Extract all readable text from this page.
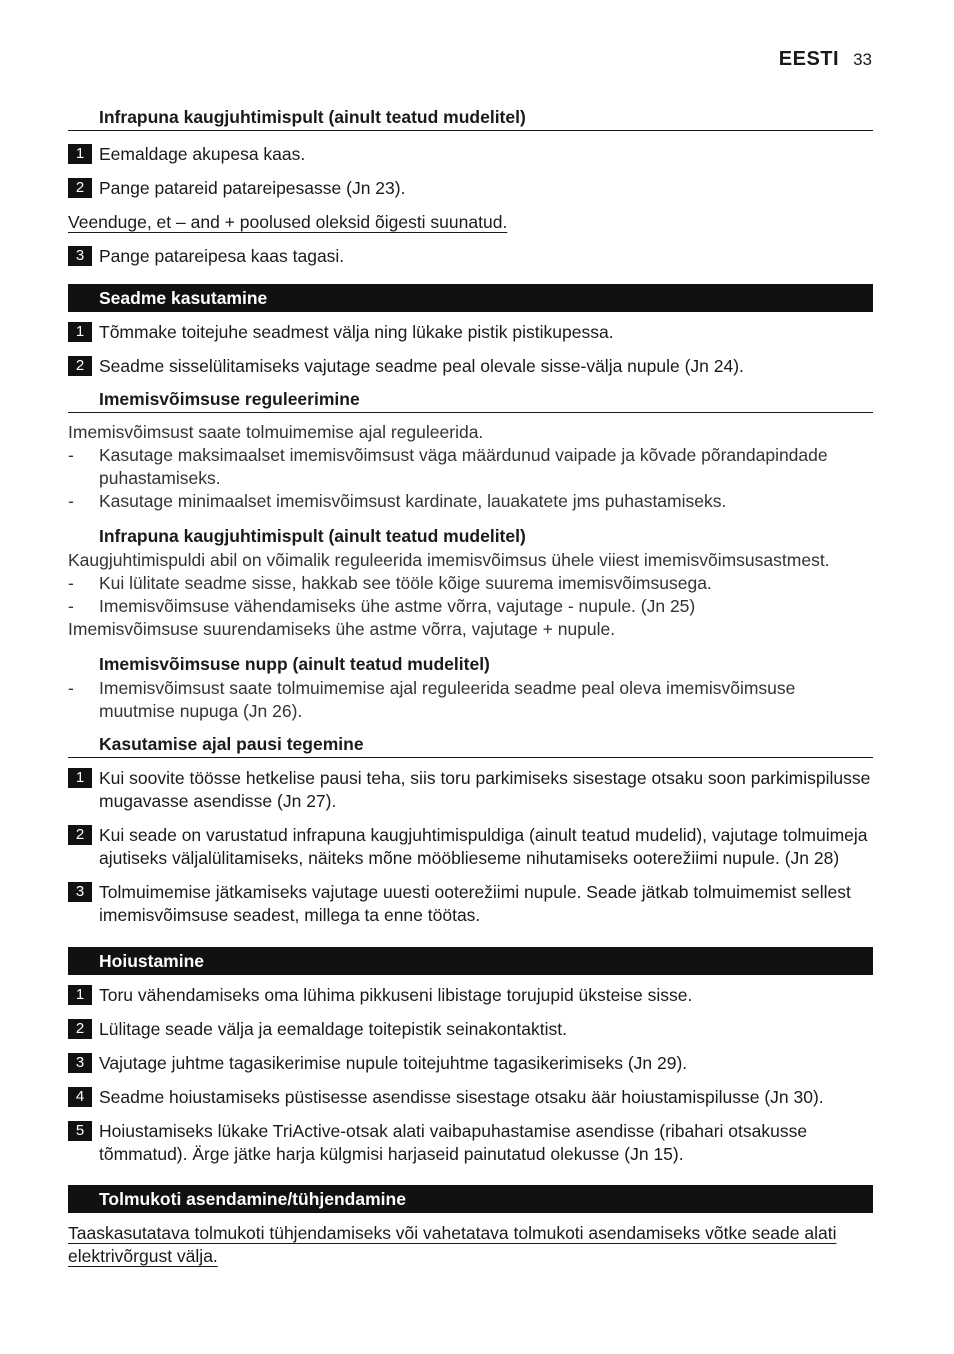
EESTI 33
Infrapuna kaugjuhtimispult (ainult teatud mudelitel)
1 Eemaldage akupesa kaas.
2 Pange patareid patareipesasse (Jn 23).
Veenduge, et – and + poolused oleksid õigesti suunatud.
3 Pange patareipesa kaas tagasi.
Seadme kasutamine
1 Tõmmake toitejuhe seadmest välja ning lükake pistik pistikupessa.
2 Seadme sisselülitamiseks vajutage seadme peal olevale sisse-välja nupule (Jn 24).
Imemisvõimsuse reguleerimine
Imemisvõimsust saate tolmuimemise ajal reguleerida.
-	Kasutage maksimaalset imemisvõimsust väga määrdunud vaipade ja kõvade põrandapindade puhastamiseks.
-	Kasutage minimaalset imemisvõimsust kardinate, lauakatete jms puhastamiseks.
Infrapuna kaugjuhtimispult (ainult teatud mudelitel)
Kaugjuhtimispuldi abil on võimalik reguleerida imemisvõimsus ühele viiest imemisvõimsusastmest.
-	Kui lülitate seadme sisse, hakkab see tööle kõige suurema imemisvõimsusega.
-	Imemisvõimsuse vähendamiseks ühe astme võrra, vajutage - nupule. (Jn 25)
Imemisvõimsuse suurendamiseks ühe astme võrra, vajutage + nupule.
Imemisvõimsuse nupp (ainult teatud mudelitel)
-	Imemisvõimsust saate tolmuimemise ajal reguleerida seadme peal oleva imemisvõimsuse muutmise nupuga (Jn 26).
Kasutamise ajal pausi tegemine
1 Kui soovite töösse hetkelise pausi teha, siis toru parkimiseks sisestage otsaku soon parkimispilusse mugavasse asendisse (Jn 27).
2 Kui seade on varustatud infrapuna kaugjuhtimispuldiga (ainult teatud mudelid), vajutage tolmuimeja ajutiseks väljalülitamiseks, näiteks mõne mööblieseme nihutamiseks ooterežiimi nupule. (Jn 28)
3 Tolmuimemise jätkamiseks vajutage uuesti ooterežiimi nupule. Seade jätkab tolmuimemist sellest imemisvõimsuse seadest, millega ta enne töötas.
Hoiustamine
1 Toru vähendamiseks oma lühima pikkuseni libistage torujupid üksteise sisse.
2 Lülitage seade välja ja eemaldage toitepistik seinakontaktist.
3 Vajutage juhtme tagasikerimise nupule toitejuhtme tagasikerimiseks (Jn 29).
4 Seadme hoiustamiseks püstisesse asendisse sisestage otsaku äär hoiustamispilusse (Jn 30).
5 Hoiustamiseks lükake TriActive-otsak alati vaibapuhastamise asendisse (ribahari otsakusse tõmmatud). Ärge jätke harja külgmisi harjaseid painutatud olekusse (Jn 15).
Tolmukoti asendamine/tühjendamine
Taaskasutatava tolmukoti tühjendamiseks või vahetatava tolmukoti asendamiseks võtke seade alati elektrivõrgust välja.
